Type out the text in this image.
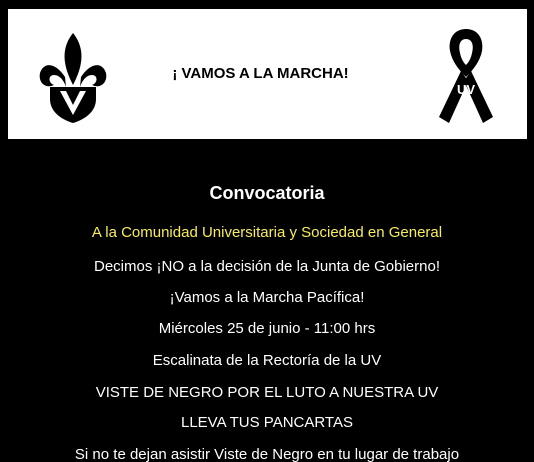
¡ VAMOS A LA MARCHA!

UV

Convocatoria

A la Comunidad Universitaria y Sociedad en General

Decimos ¡NO a la decisión de la Junta de Gobierno!

¡Vamos a la Marcha Pacífica!

Miércoles 25 de junio - 11:00 hrs

Escalinata de la Rectoría de la UV

VISTE DE NEGRO POR EL LUTO A NUESTRA UV

LLEVA TUS PANCARTAS

Si no te dejan asistir Viste de Negro en tu lugar de trabajo
